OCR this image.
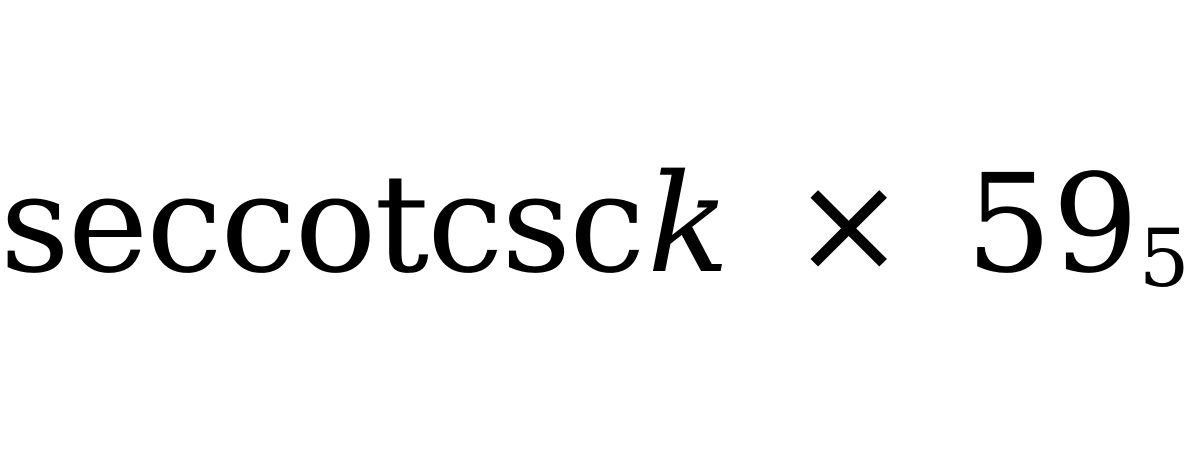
sec cot csc k × 59 5
